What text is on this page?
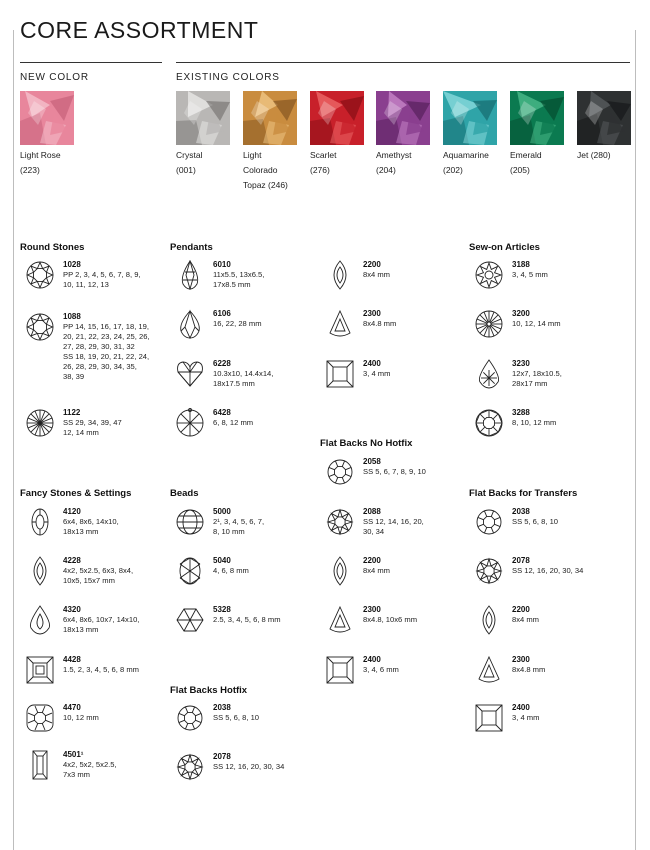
CORE ASSORTMENT
NEW COLOR	EXISTING COLORS
Light Rose
(223)
Crystal
(001)
Light
Colorado
Topaz (246)
Scarlet
(276)
Amethyst
(204)
Aquamarine
(202)
Emerald
(205)
Jet (280)
Round Stones
1028
PP 2, 3, 4, 5, 6, 7, 8, 9,
10, 11, 12, 13
1088
PP 14, 15, 16, 17, 18, 19,
20, 21, 22, 23, 24, 25, 26,
27, 28, 29, 30, 31, 32
SS 18, 19, 20, 21, 22, 24,
26, 28, 29, 30, 34, 35,
38, 39
1122
SS 29, 34, 39, 47
12, 14 mm
Fancy Stones & Settings
4120
6x4, 8x6, 14x10,
18x13 mm
4228
4x2, 5x2.5, 6x3, 8x4,
10x5, 15x7 mm
4320
6x4, 8x6, 10x7, 14x10,
18x13 mm
4428
1.5, 2, 3, 4, 5, 6, 8 mm
4470
10, 12 mm
4501¹
4x2, 5x2, 5x2.5,
7x3 mm
Pendants
6010
11x5.5, 13x6.5,
17x8.5 mm
6106
16, 22, 28 mm
6228
10.3x10, 14.4x14,
18x17.5 mm
6428
6, 8, 12 mm
2200
8x4 mm
2300
8x4.8 mm
2400
3, 4 mm
Beads
5000
2¹, 3, 4, 5, 6, 7,
8, 10 mm
5040
4, 6, 8 mm
5328
2.5, 3, 4, 5, 6, 8 mm
Flat Backs Hotfix
2038
SS 5, 6, 8, 10
2078
SS 12, 16, 20, 30, 34
Flat Backs No Hotfix
2058
SS 5, 6, 7, 8, 9, 10
2088
SS 12, 14, 16, 20,
30, 34
2200
8x4 mm
2300
8x4.8, 10x6 mm
2400
3, 4, 6 mm
Sew-on Articles
3188
3, 4, 5 mm
3200
10, 12, 14 mm
3230
12x7, 18x10.5,
28x17 mm
3288
8, 10, 12 mm
Flat Backs for Transfers
2038
SS 5, 6, 8, 10
2078
SS 12, 16, 20, 30, 34
2200
8x4 mm
2300
8x4.8 mm
2400
3, 4 mm
